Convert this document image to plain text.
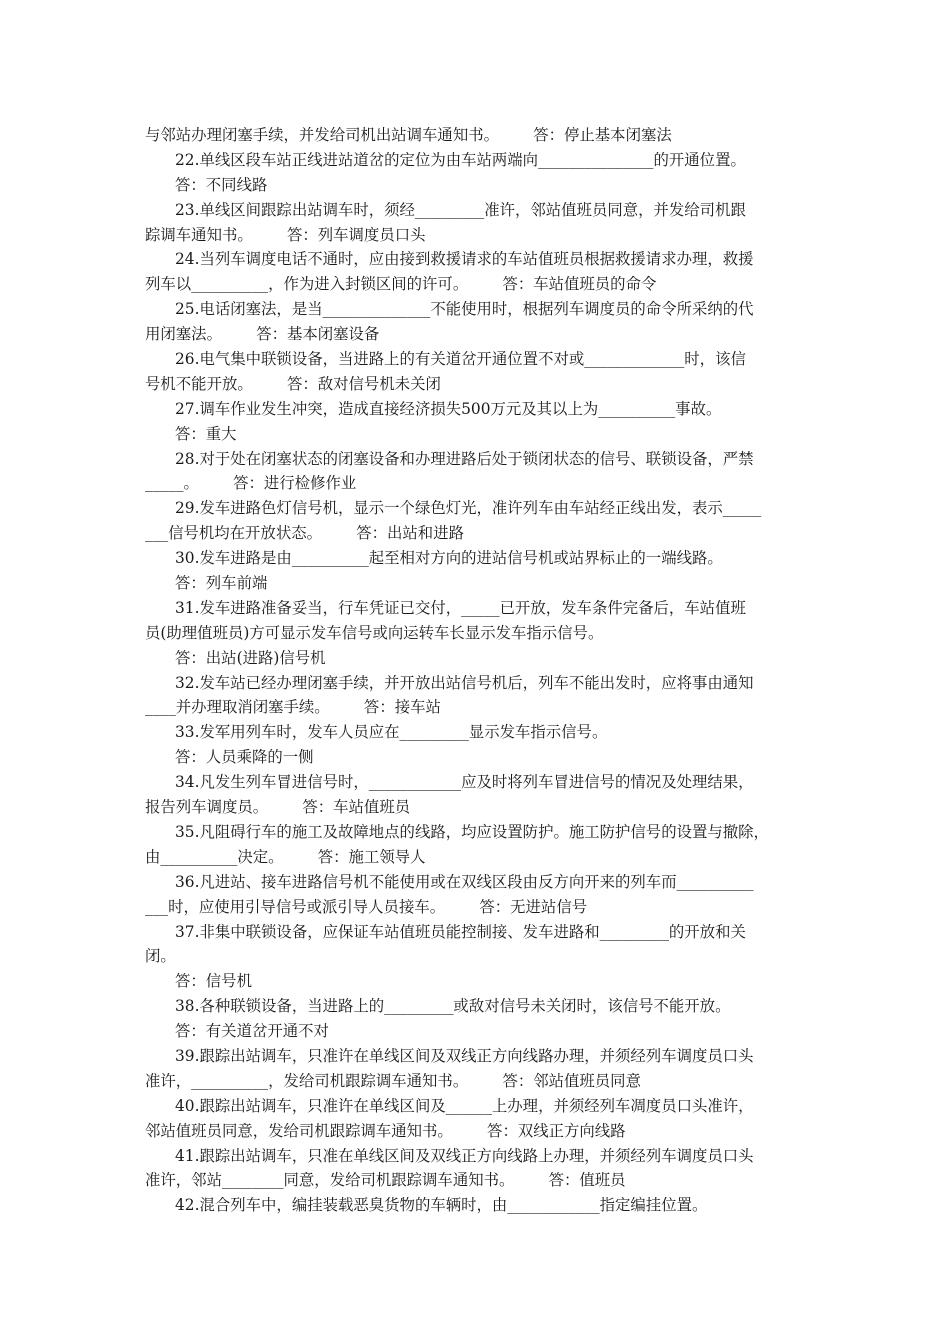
与邻站办理闭塞手续，并发给司机出站调车通知书。       答：停止基本闭塞法
22.单线区段车站正线进站道岔的定位为由车站两端向_______________的开通位置。
答：不同线路
23.单线区间跟踪出站调车时，须经_________准许，邻站值班员同意，并发给司机跟
踪调车通知书。       答：列车调度员口头
24.当列车调度电话不通时，应由接到救援请求的车站值班员根据救援请求办理，救援
列车以__________，作为进入封锁区间的许可。       答：车站值班员的命令
25.电话闭塞法，是当______________不能使用时，根据列车调度员的命令所采纳的代
用闭塞法。       答：基本闭塞设备
26.电气集中联锁设备，当进路上的有关道岔开通位置不对或_____________时，该信
号机不能开放。       答：敌对信号机未关闭
27.调车作业发生冲突，造成直接经济损失500万元及其以上为__________事故。
答：重大
28.对于处在闭塞状态的闭塞设备和办理进路后处于锁闭状态的信号、联锁设备，严禁
_____。       答：进行检修作业
29.发车进路色灯信号机，显示一个绿色灯光，准许列车由车站经正线出发，表示_____
___信号机均在开放状态。       答：出站和进路
30.发车进路是由__________起至相对方向的进站信号机或站界标止的一端线路。
答：列车前端
31.发车进路准备妥当，行车凭证已交付，_____已开放，发车条件完备后，车站值班
员(助理值班员)方可显示发车信号或向运转车长显示发车指示信号。
答：出站(进路)信号机
32.发车站已经办理闭塞手续，并开放出站信号机后，列车不能出发时，应将事由通知
____并办理取消闭塞手续。       答：接车站
33.发军用列车时，发车人员应在_________显示发车指示信号。
答：人员乘降的一侧
34.凡发生列车冒进信号时，____________应及时将列车冒进信号的情况及处理结果，
报告列车调度员。       答：车站值班员
35.凡阻碍行车的施工及故障地点的线路，均应设置防护。施工防护信号的设置与撤除，
由__________决定。       答：施工领导人
36.凡进站、接车进路信号机不能使用或在双线区段由反方向开来的列车而__________
___时，应使用引导信号或派引导人员接车。       答：无进站信号
37.非集中联锁设备，应保证车站值班员能控制接、发车进路和_________的开放和关
闭。
答：信号机
38.各种联锁设备，当进路上的_________或敌对信号未关闭时，该信号不能开放。
答：有关道岔开通不对
39.跟踪出站调车，只准许在单线区间及双线正方向线路办理，并须经列车调度员口头
准许，__________，发给司机跟踪调车通知书。       答：邻站值班员同意
40.跟踪出站调车，只准许在单线区间及______上办理，并须经列车凋度员口头准许，
邻站值班员同意，发给司机跟踪调车通知书。       答：双线正方向线路
41.跟踪出站调车，只准在单线区间及双线正方向线路上办理，并须经列车调度员口头
准许，邻站________同意，发给司机跟踪调车通知书。       答：值班员
42.混合列车中，编挂装载恶臭货物的车辆时，由____________指定编挂位置。
